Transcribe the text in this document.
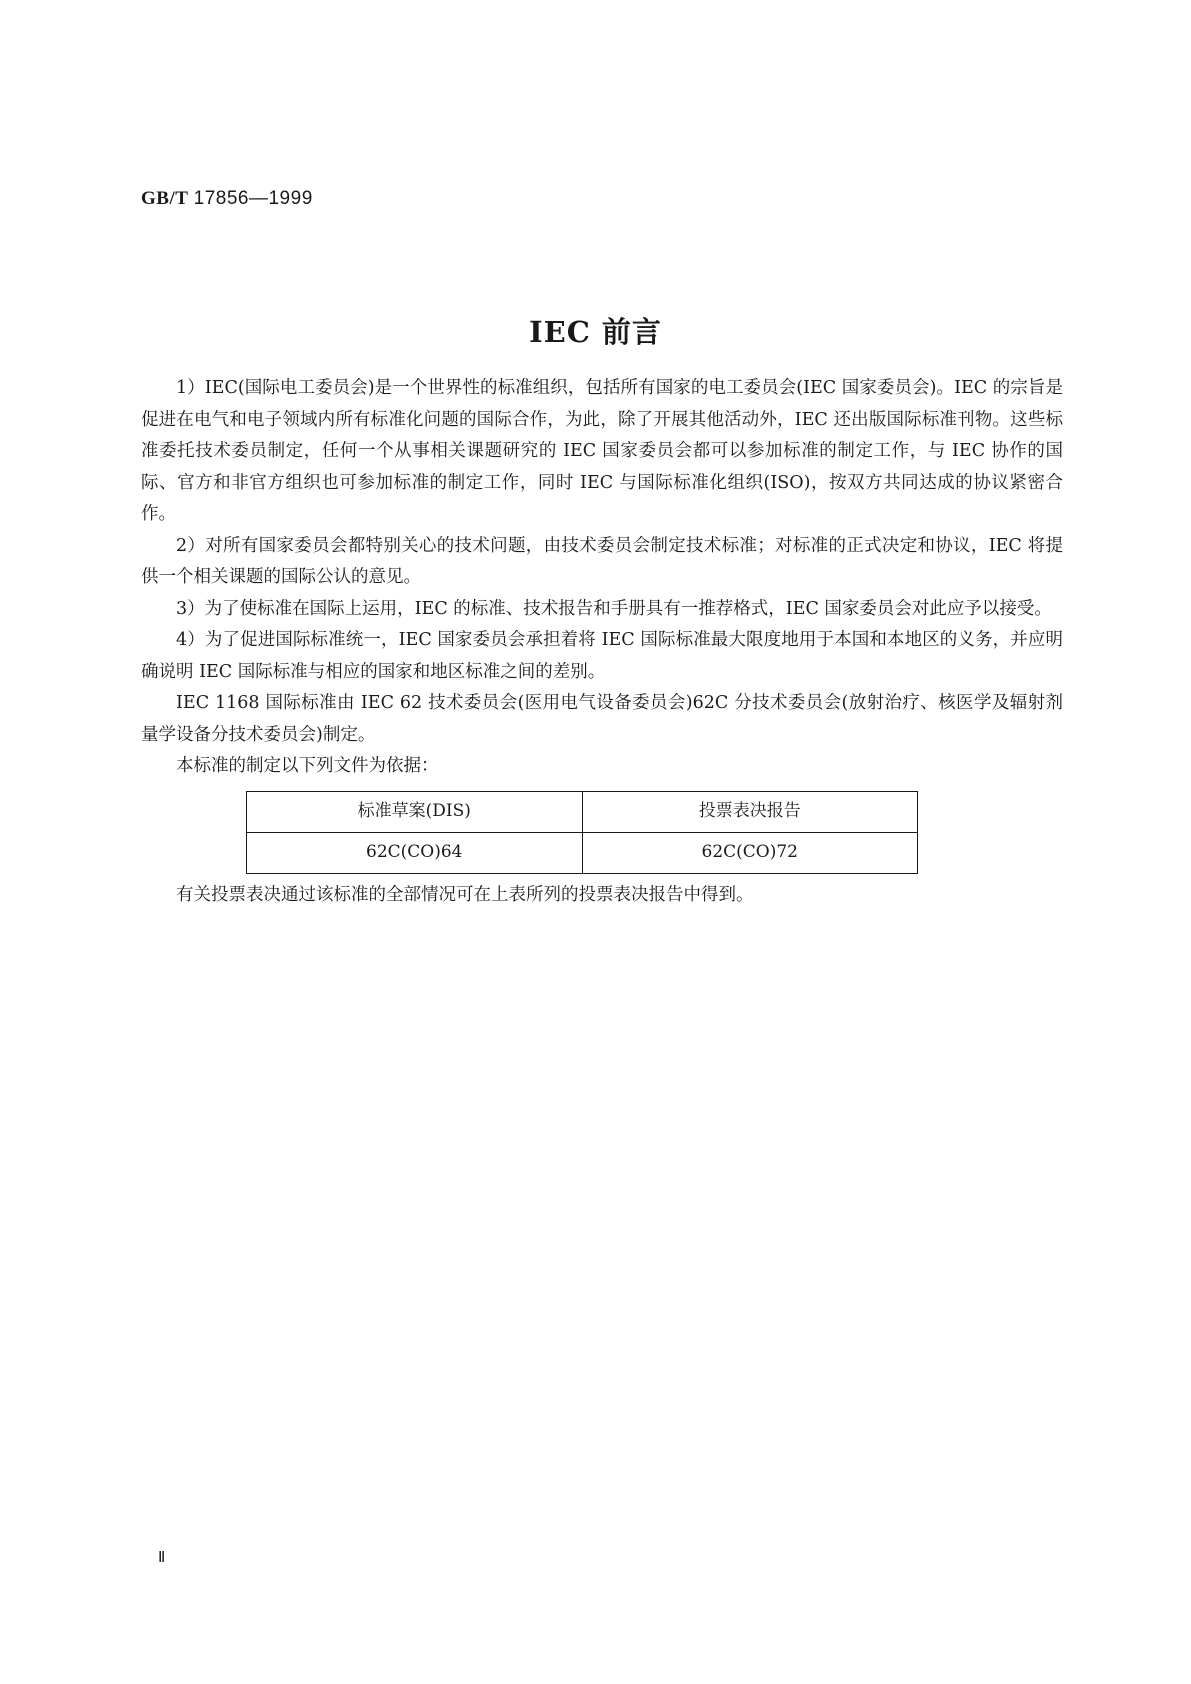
GB/T 17856—1999
IEC 前言

1）IEC(国际电工委员会)是一个世界性的标准组织，包括所有国家的电工委员会(IEC 国家委员会)。IEC 的宗旨是促进在电气和电子领域内所有标准化问题的国际合作，为此，除了开展其他活动外，IEC 还出版国际标准刊物。这些标准委托技术委员制定，任何一个从事相关课题研究的 IEC 国家委员会都可以参加标准的制定工作，与 IEC 协作的国际、官方和非官方组织也可参加标准的制定工作，同时 IEC 与国际标准化组织(ISO)，按双方共同达成的协议紧密合作。

2）对所有国家委员会都特别关心的技术问题，由技术委员会制定技术标准；对标准的正式决定和协议，IEC 将提供一个相关课题的国际公认的意见。

3）为了使标准在国际上运用，IEC 的标准、技术报告和手册具有一推荐格式，IEC 国家委员会对此应予以接受。

4）为了促进国际标准统一，IEC 国家委员会承担着将 IEC 国际标准最大限度地用于本国和本地区的义务，并应明确说明 IEC 国际标准与相应的国家和地区标准之间的差别。

IEC 1168 国际标准由 IEC 62 技术委员会(医用电气设备委员会)62C 分技术委员会(放射治疗、核医学及辐射剂量学设备分技术委员会)制定。

本标准的制定以下列文件为依据：

标准草案(DIS)	投票表决报告
62C(CO)64	62C(CO)72

有关投票表决通过该标准的全部情况可在上表所列的投票表决报告中得到。

Ⅱ
